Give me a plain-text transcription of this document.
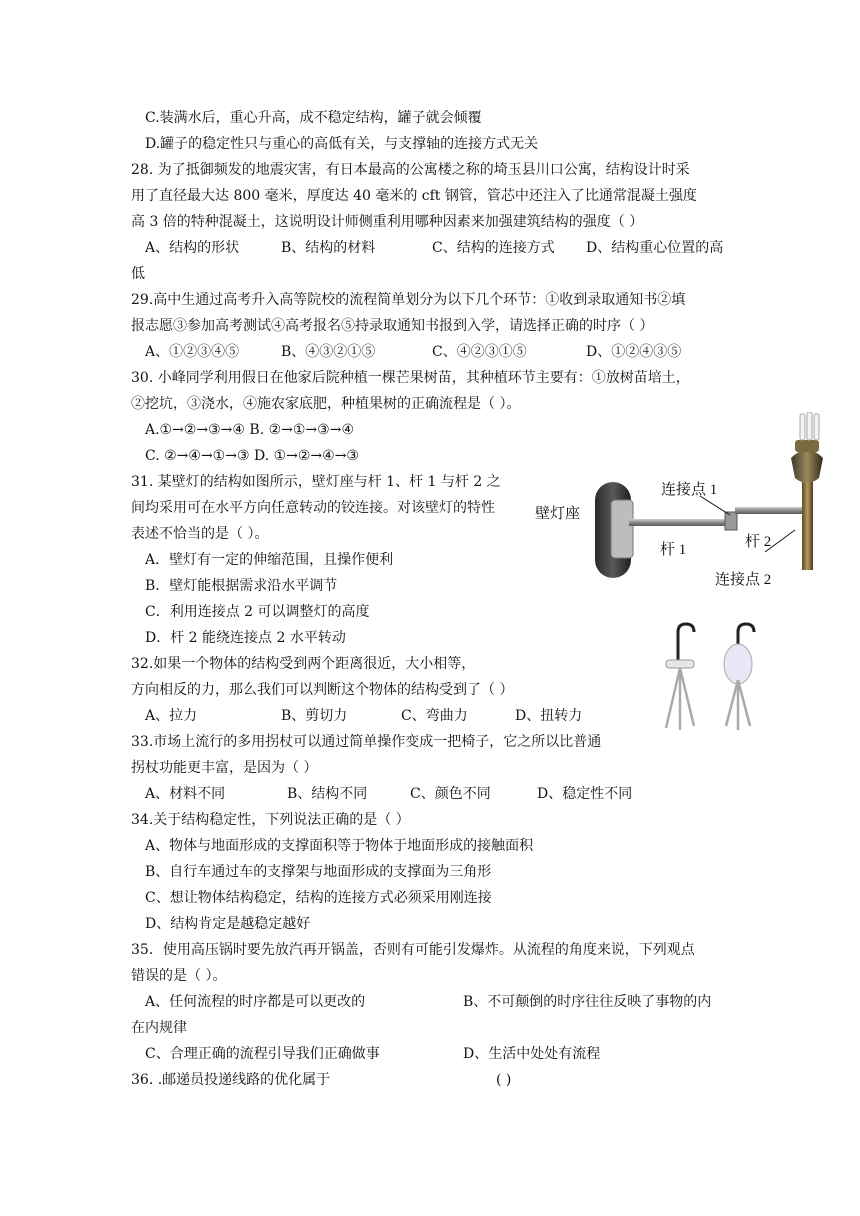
C.装满水后，重心升高，成不稳定结构，罐子就会倾覆
D.罐子的稳定性只与重心的高低有关，与支撑轴的连接方式无关
28. 为了抵御频发的地震灾害，有日本最高的公寓楼之称的埼玉县川口公寓，结构设计时采
用了直径最大达 800 毫米，厚度达 40 毫米的 cft 钢管，管芯中还注入了比通常混凝土强度
高 3 倍的特种混凝土，这说明设计师侧重利用哪种因素来加强建筑结构的强度（ ）
A、结构的形状	B、结构的材料	C、结构的连接方式 D、结构重心位置的高
低
29.高中生通过高考升入高等院校的流程简单划分为以下几个环节：①收到录取通知书②填
报志愿③参加高考测试④高考报名⑤持录取通知书报到入学，请选择正确的时序（ ）
A、①②③④⑤	B、④③②①⑤	C、④②③①⑤	D、①②④③⑤
30. 小峰同学利用假日在他家后院种植一棵芒果树苗，其种植环节主要有：①放树苗培土，
②挖坑，③浇水，④施农家底肥，种植果树的正确流程是（ ）。
A.①→②→③→④ B. ②→①→③→④
C. ②→④→①→③ D. ①→②→④→③
31. 某壁灯的结构如图所示，壁灯座与杆 1、杆 1 与杆 2 之
间均采用可在水平方向任意转动的铰连接。对该壁灯的特性
表述不恰当的是（ ）。
A．壁灯有一定的伸缩范围，且操作便利
B．壁灯能根据需求沿水平调节
C．利用连接点 2 可以调整灯的高度
D．杆 2 能绕连接点 2 水平转动
32.如果一个物体的结构受到两个距离很近，大小相等，
方向相反的力，那么我们可以判断这个物体的结构受到了（ ）
A、拉力	B、剪切力	C、弯曲力	D、扭转力
33.市场上流行的多用拐杖可以通过简单操作变成一把椅子，它之所以比普通
拐杖功能更丰富，是因为（ ）
A、材料不同	B、结构不同	C、颜色不同	D、稳定性不同
34.关于结构稳定性，下列说法正确的是（ ）
A、物体与地面形成的支撑面积等于物体于地面形成的接触面积
B、自行车通过车的支撑架与地面形成的支撑面为三角形
C、想让物体结构稳定，结构的连接方式必须采用刚连接
D、结构肯定是越稳定越好
35．使用高压锅时要先放汽再开锅盖，否则有可能引发爆炸。从流程的角度来说，下列观点
错误的是（ ）。
A、任何流程的时序都是可以更改的	B、不可颠倒的时序往往反映了事物的内
在内规律
C、合理正确的流程引导我们正确做事	D、生活中处处有流程
36. .邮递员投递线路的优化属于	( )
壁灯座
连接点 1
杆 1	杆 2
连接点 2
